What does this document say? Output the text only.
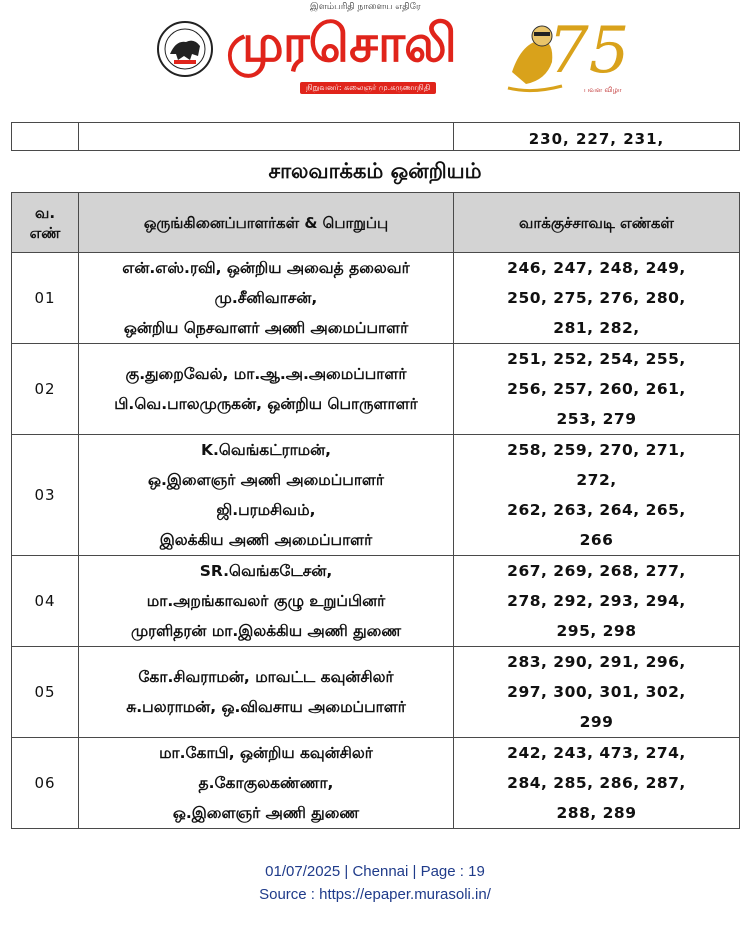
இளம்பரிதி நாளைய எதிரே
முரசொலி
நிறுவனர்: கலைஞர் மு.கருணாநிதி 75
பவள விழா
		230, 227, 231,
சாலவாக்கம் ஒன்றியம்
வ.
எண்	ஒருங்கினைப்பாளர்கள் & பொறுப்பு	வாக்குச்சாவடி எண்கள்
01	என்.எஸ்.ரவி, ஒன்றிய அவைத் தலைவர்
மு.சீனிவாசன்,
ஒன்றிய நெசவாளர் அணி அமைப்பாளர்	246, 247, 248, 249,
250, 275, 276, 280,
281, 282,

02	கு.துறைவேல், மா.ஆ.அ.அமைப்பாளர்
பி.வெ.பாலமுருகன், ஒன்றிய பொருளாளர்	251, 252, 254, 255,
256, 257, 260, 261,
253, 279

03	K.வெங்கட்ராமன்,
ஒ.இளைஞர் அணி அமைப்பாளர்
ஜி.பரமசிவம்,
இலக்கிய அணி அமைப்பாளர்	258, 259, 270, 271,
272,
262, 263, 264, 265,
266

04	SR.வெங்கடேசன்,
மா.அறங்காவலர் குழு உறுப்பினர்
முரளிதரன் மா.இலக்கிய அணி துணை	267, 269, 268, 277,
278, 292, 293, 294,
295, 298

05	கோ.சிவராமன், மாவட்ட கவுன்சிலர்
சு.பலராமன், ஒ.விவசாய அமைப்பாளர்	283, 290, 291, 296,
297, 300, 301, 302,
299

06	மா.கோபி, ஒன்றிய கவுன்சிலர்
த.கோகுலகண்ணா,
ஒ.இளைஞர் அணி துணை	242, 243, 473, 274,
284, 285, 286, 287,
288, 289
01/07/2025 | Chennai | Page : 19
Source : https://epaper.murasoli.in/
